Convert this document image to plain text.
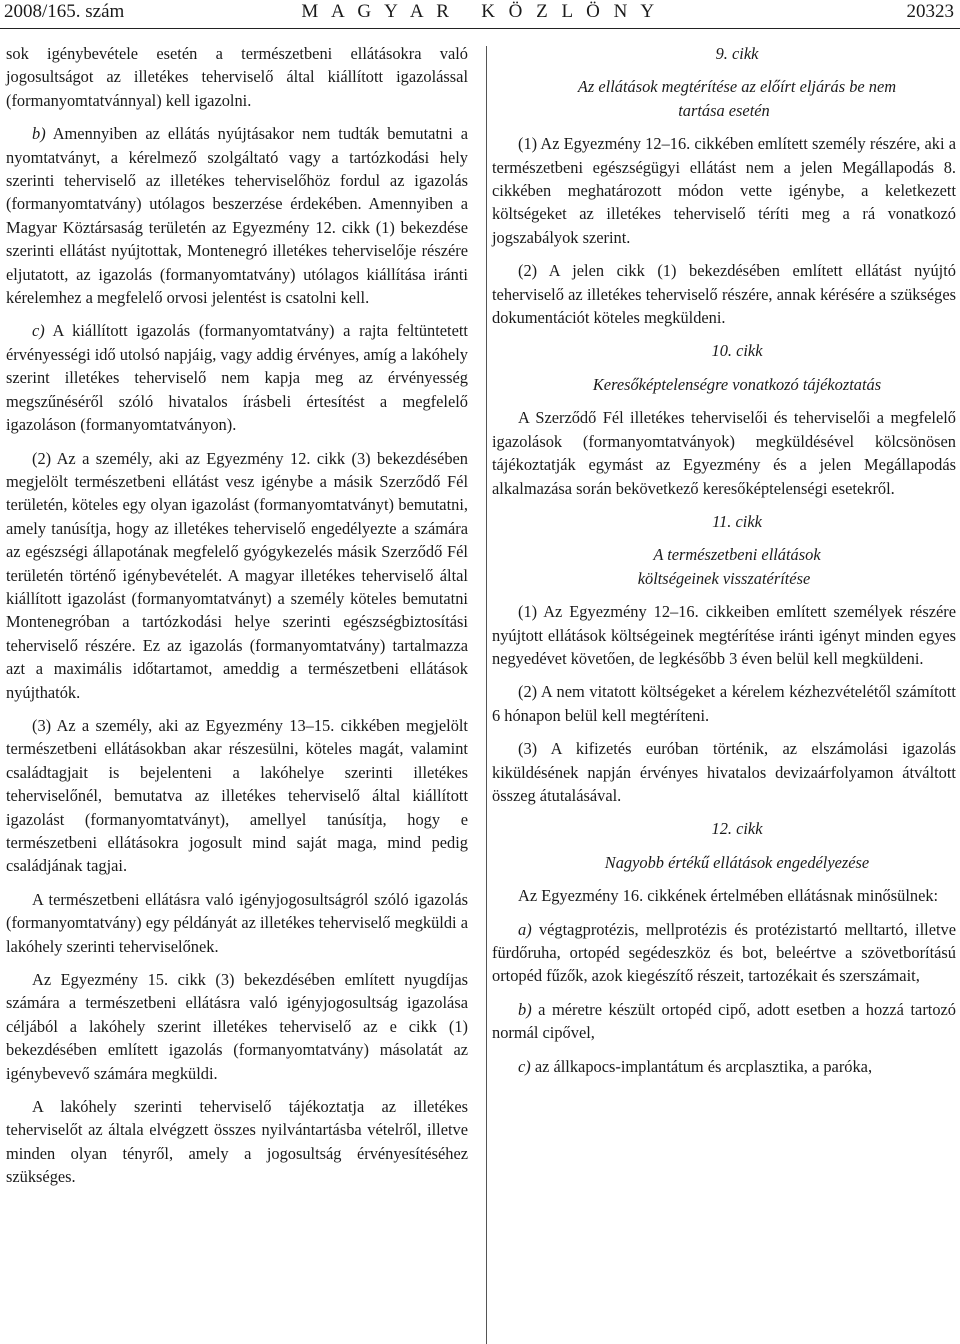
2008/165. szám	M A G Y A R   K Ö Z L Ö N Y	20323

sok igénybevétele esetén a természetbeni ellátásokra való jogosultságot az illetékes teherviselő által kiállított igazolással (formanyomtatvánnyal) kell igazolni.

b) Amennyiben az ellátás nyújtásakor nem tudták bemutatni a nyomtatványt, a kérelmező szolgáltató vagy a tartózkodási hely szerinti teherviselő az illetékes teherviselőhöz fordul az igazolás (formanyomtatvány) utólagos beszerzése érdekében. Amennyiben a Magyar Köztársaság területén az Egyezmény 12. cikk (1) bekezdése szerinti ellátást nyújtottak, Montenegró illetékes teherviselője részére eljutatott, az igazolás (formanyomtatvány) utólagos kiállítása iránti kérelemhez a megfelelő orvosi jelentést is csatolni kell.

c) A kiállított igazolás (formanyomtatvány) a rajta feltüntetett érvényességi idő utolsó napjáig, vagy addig érvényes, amíg a lakóhely szerint illetékes teherviselő nem kapja meg az érvényesség megszűnéséről szóló hivatalos írásbeli értesítést a megfelelő igazoláson (formanyomtatványon).

(2) Az a személy, aki az Egyezmény 12. cikk (3) bekezdésében megjelölt természetbeni ellátást vesz igénybe a másik Szerződő Fél területén, köteles egy olyan igazolást (formanyomtatványt) bemutatni, amely tanúsítja, hogy az illetékes teherviselő engedélyezte a számára az egészségi állapotának megfelelő gyógykezelés másik Szerződő Fél területén történő igénybevételét. A magyar illetékes teherviselő által kiállított igazolást (formanyomtatványt) a személy köteles bemutatni Montenegróban a tartózkodási helye szerinti egészségbiztosítási teherviselő részére. Ez az igazolás (formanyomtatvány) tartalmazza azt a maximális időtartamot, ameddig a természetbeni ellátások nyújthatók.

(3) Az a személy, aki az Egyezmény 13–15. cikkében megjelölt természetbeni ellátásokban akar részesülni, köteles magát, valamint családtagjait is bejelenteni a lakóhelye szerinti illetékes teherviselőnél, bemutatva az illetékes teherviselő által kiállított igazolást (formanyomtatványt), amellyel tanúsítja, hogy e természetbeni ellátásokra jogosult mind saját maga, mind pedig családjának tagjai.

A természetbeni ellátásra való igényjogosultságról szóló igazolás (formanyomtatvány) egy példányát az illetékes teherviselő megküldi a lakóhely szerinti teherviselőnek.

Az Egyezmény 15. cikk (3) bekezdésében említett nyugdíjas számára a természetbeni ellátásra való igényjogosultság igazolása céljából a lakóhely szerint illetékes teherviselő az e cikk (1) bekezdésében említett igazolás (formanyomtatvány) másolatát az igénybevevő számára megküldi.

A lakóhely szerinti teherviselő tájékoztatja az illetékes teherviselőt az általa elvégzett összes nyilvántartásba vételről, illetve minden olyan tényről, amely a jogosultság érvényesítéséhez szükséges.

9. cikk

Az ellátások megtérítése az előírt eljárás be nem tartása esetén

(1) Az Egyezmény 12–16. cikkében említett személy részére, aki a természetbeni egészségügyi ellátást nem a jelen Megállapodás 8. cikkében meghatározott módon vette igénybe, a keletkezett költségeket az illetékes teherviselő téríti meg a rá vonatkozó jogszabályok szerint.

(2) A jelen cikk (1) bekezdésében említett ellátást nyújtó teherviselő az illetékes teherviselő részére, annak kérésére a szükséges dokumentációt köteles megküldeni.

10. cikk

Keresőképtelenségre vonatkozó tájékoztatás

A Szerződő Fél illetékes teherviselői és teherviselői a megfelelő igazolások (formanyomtatványok) megküldésével kölcsönösen tájékoztatják egymást az Egyezmény és a jelen Megállapodás alkalmazása során bekövetkező keresőképtelenségi esetekről.

11. cikk

A természetbeni ellátások költségeinek visszatérítése

(1) Az Egyezmény 12–16. cikkeiben említett személyek részére nyújtott ellátások költségeinek megtérítése iránti igényt minden egyes negyedévet követően, de legkésőbb 3 éven belül kell megküldeni.

(2) A nem vitatott költségeket a kérelem kézhezvételétől számított 6 hónapon belül kell megtéríteni.

(3) A kifizetés euróban történik, az elszámolási igazolás kiküldésének napján érvényes hivatalos devizaárfolyamon átváltott összeg átutalásával.

12. cikk

Nagyobb értékű ellátások engedélyezése

Az Egyezmény 16. cikkének értelmében ellátásnak minősülnek:

a) végtagprotézis, mellprotézis és protézistartó melltartó, illetve fürdőruha, ortopéd segédeszköz és bot, beleértve a szövetborítású ortopéd fűzők, azok kiegészítő részeit, tartozékait és szerszámait,

b) a méretre készült ortopéd cipő, adott esetben a hozzá tartozó normál cipővel,

c) az állkapocs-implantátum és arcplasztika, a paróka,
